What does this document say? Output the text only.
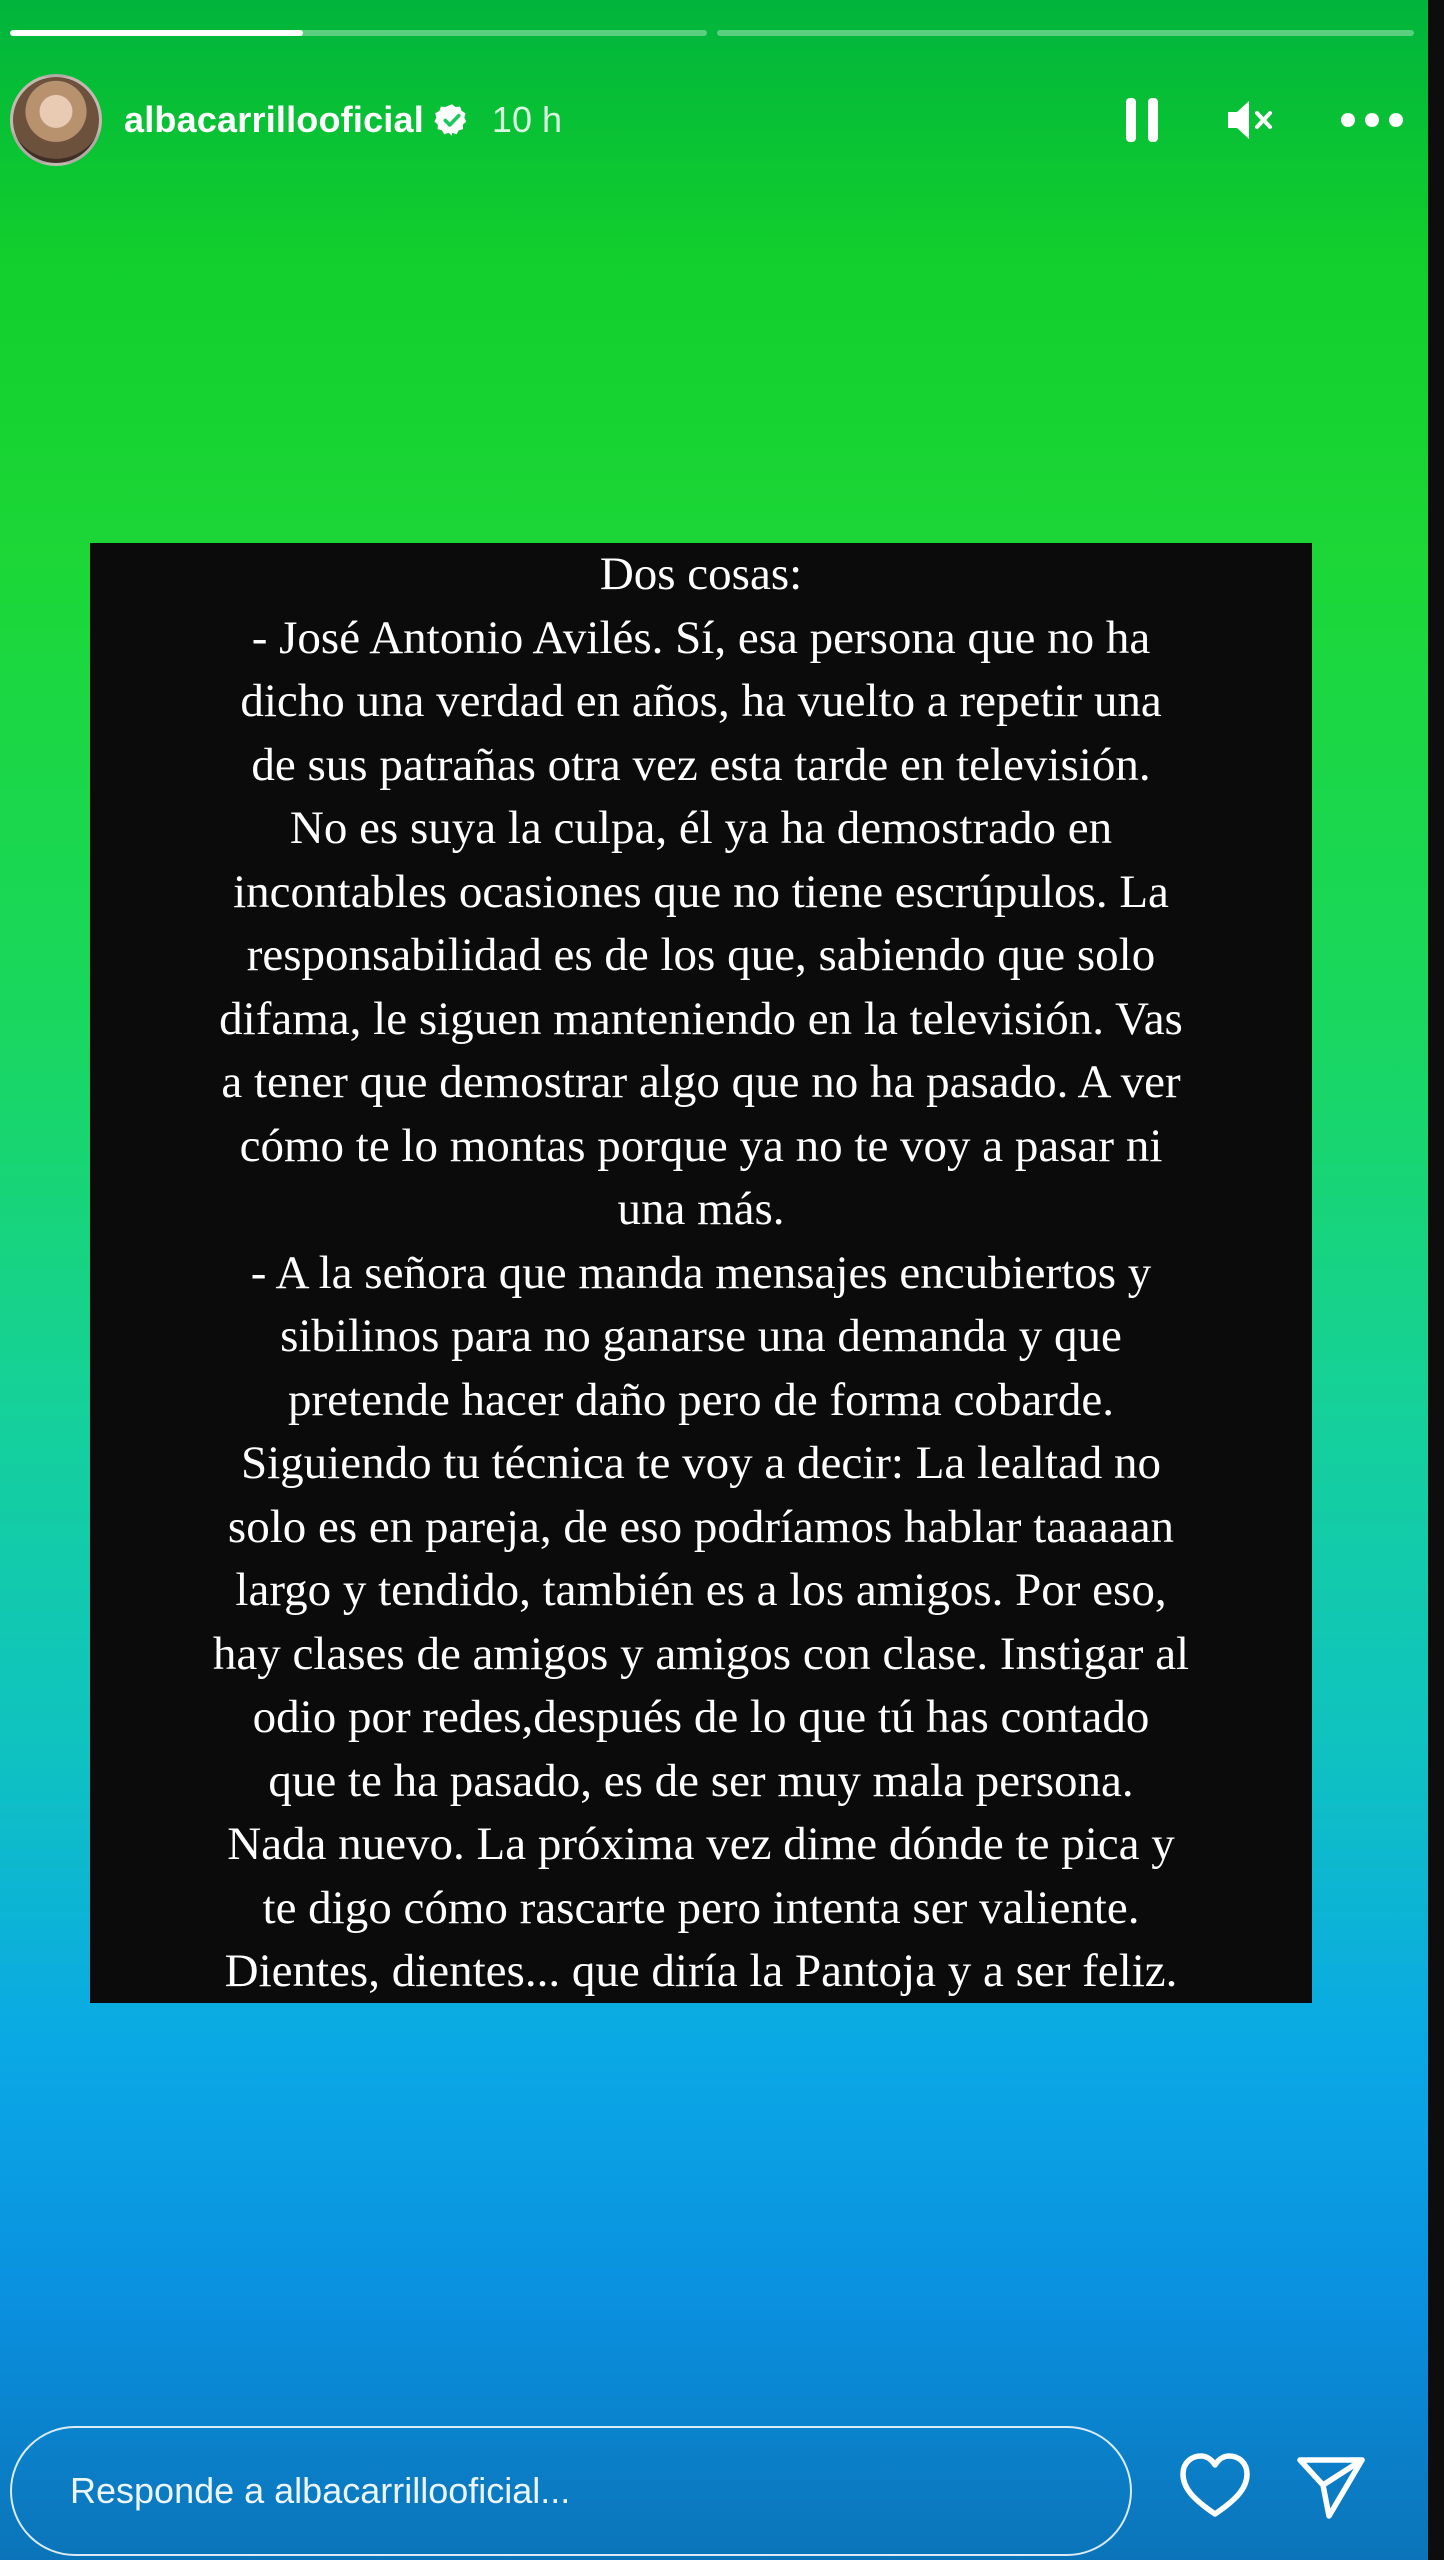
albacarrillooficial 10 h
Dos cosas:
- José Antonio Avilés. Sí, esa persona que no ha
dicho una verdad en años, ha vuelto a repetir una
de sus patrañas otra vez esta tarde en televisión.
No es suya la culpa, él ya ha demostrado en
incontables ocasiones que no tiene escrúpulos. La
responsabilidad es de los que, sabiendo que solo
difama, le siguen manteniendo en la televisión. Vas
a tener que demostrar algo que no ha pasado. A ver
cómo te lo montas porque ya no te voy a pasar ni
una más.
- A la señora que manda mensajes encubiertos y
sibilinos para no ganarse una demanda y que
pretende hacer daño pero de forma cobarde.
Siguiendo tu técnica te voy a decir: La lealtad no
solo es en pareja, de eso podríamos hablar taaaaan
largo y tendido, también es a los amigos. Por eso,
hay clases de amigos y amigos con clase. Instigar al
odio por redes,después de lo que tú has contado
que te ha pasado, es de ser muy mala persona.
Nada nuevo. La próxima vez dime dónde te pica y
te digo cómo rascarte pero intenta ser valiente.
Dientes, dientes... que diría la Pantoja y a ser feliz.
Responde a albacarrillooficial...
